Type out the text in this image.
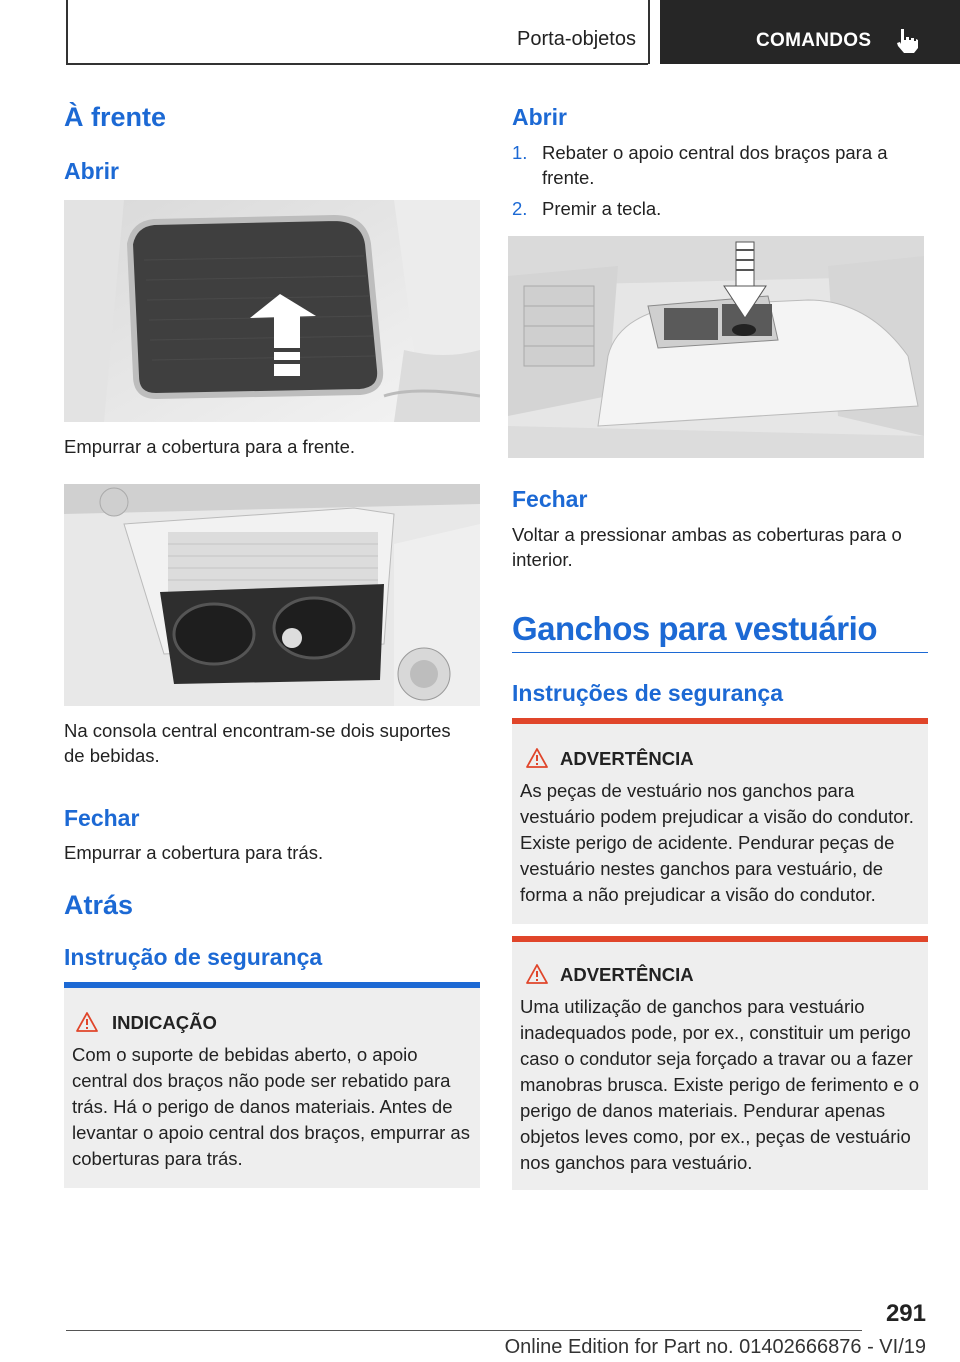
Porta-objetos	COMANDOS
À frente
Abrir

Empurrar a cobertura para a frente.

Na consola central encontram-se dois suportes de bebidas.

Fechar

Empurrar a cobertura para trás.

Atrás
Instrução de segurança
INDICAÇÃO
Com o suporte de bebidas aberto, o apoio central dos braços não pode ser rebatido para trás. Há o perigo de danos materiais. Antes de levantar o apoio central dos braços, empurrar as coberturas para trás.
Abrir
1. Rebater o apoio central dos braços para a frente.
2. Premir a tecla.
Fechar

Voltar a pressionar ambas as coberturas para o interior.

Ganchos para vestuário
Instruções de segurança
ADVERTÊNCIA
As peças de vestuário nos ganchos para vestuário podem prejudicar a visão do condutor. Existe perigo de acidente. Pendurar peças de vestuário nestes ganchos para vestuário, de forma a não prejudicar a visão do condutor.
ADVERTÊNCIA
Uma utilização de ganchos para vestuário inadequados pode, por ex., constituir um perigo caso o condutor seja forçado a travar ou a fazer manobras brusca. Existe perigo de ferimento e o perigo de danos materiais. Pendurar apenas objetos leves como, por ex., peças de vestuário nos ganchos para vestuário.
291
Online Edition for Part no. 01402666876 - VI/19
